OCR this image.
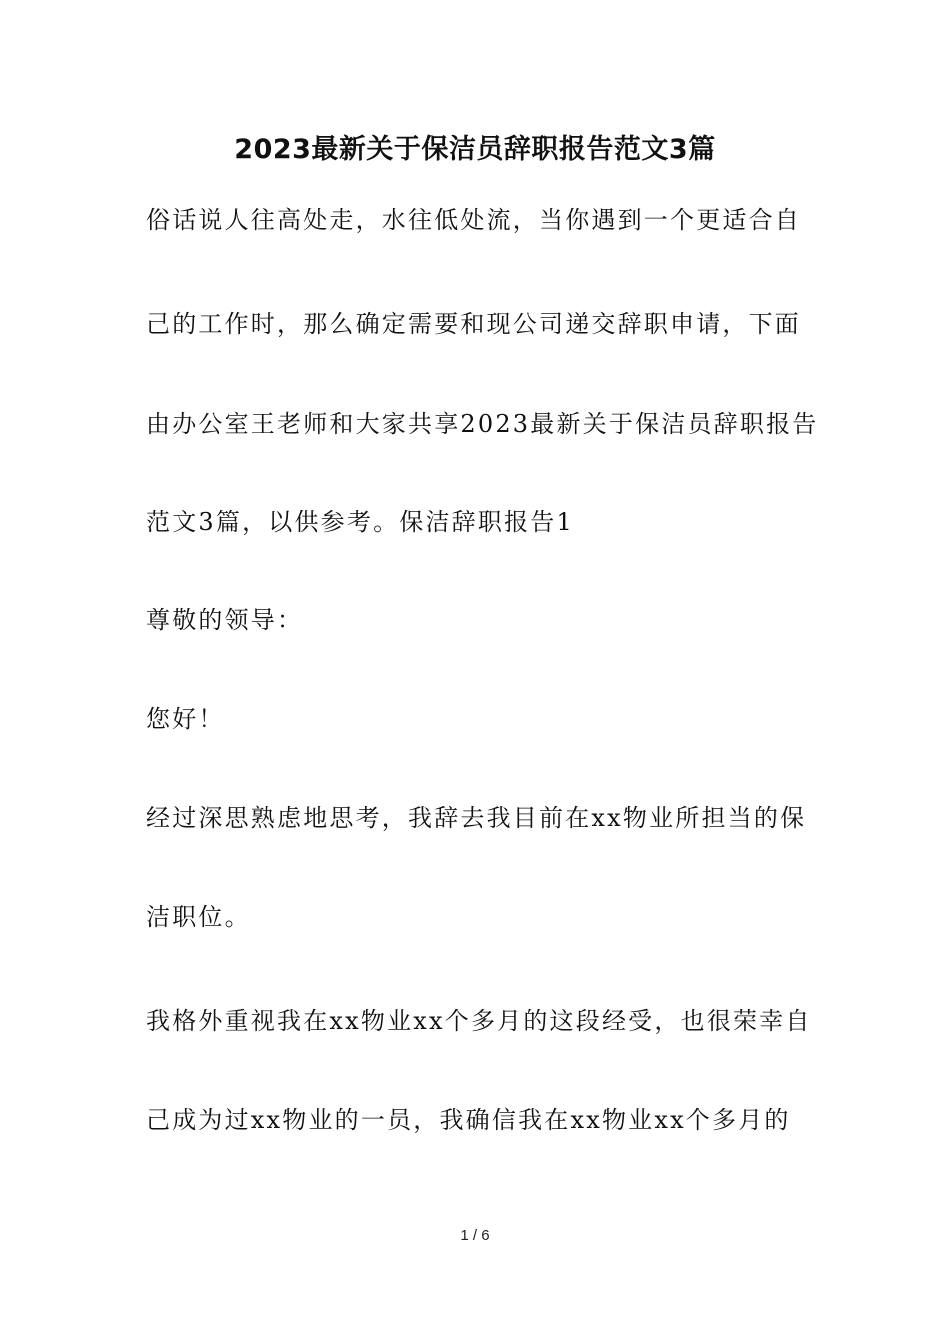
2023最新关于保洁员辞职报告范文3篇

俗话说人往高处走，水往低处流，当你遇到一个更适合自

己的工作时，那么确定需要和现公司递交辞职申请，下面

由办公室王老师和大家共享2023最新关于保洁员辞职报告

范文3篇，以供参考。保洁辞职报告1

尊敬的领导：

您好！

经过深思熟虑地思考，我辞去我目前在xx物业所担当的保

洁职位。

我格外重视我在xx物业xx个多月的这段经受，也很荣幸自

己成为过xx物业的一员，我确信我在xx物业xx个多月的

1 / 6
